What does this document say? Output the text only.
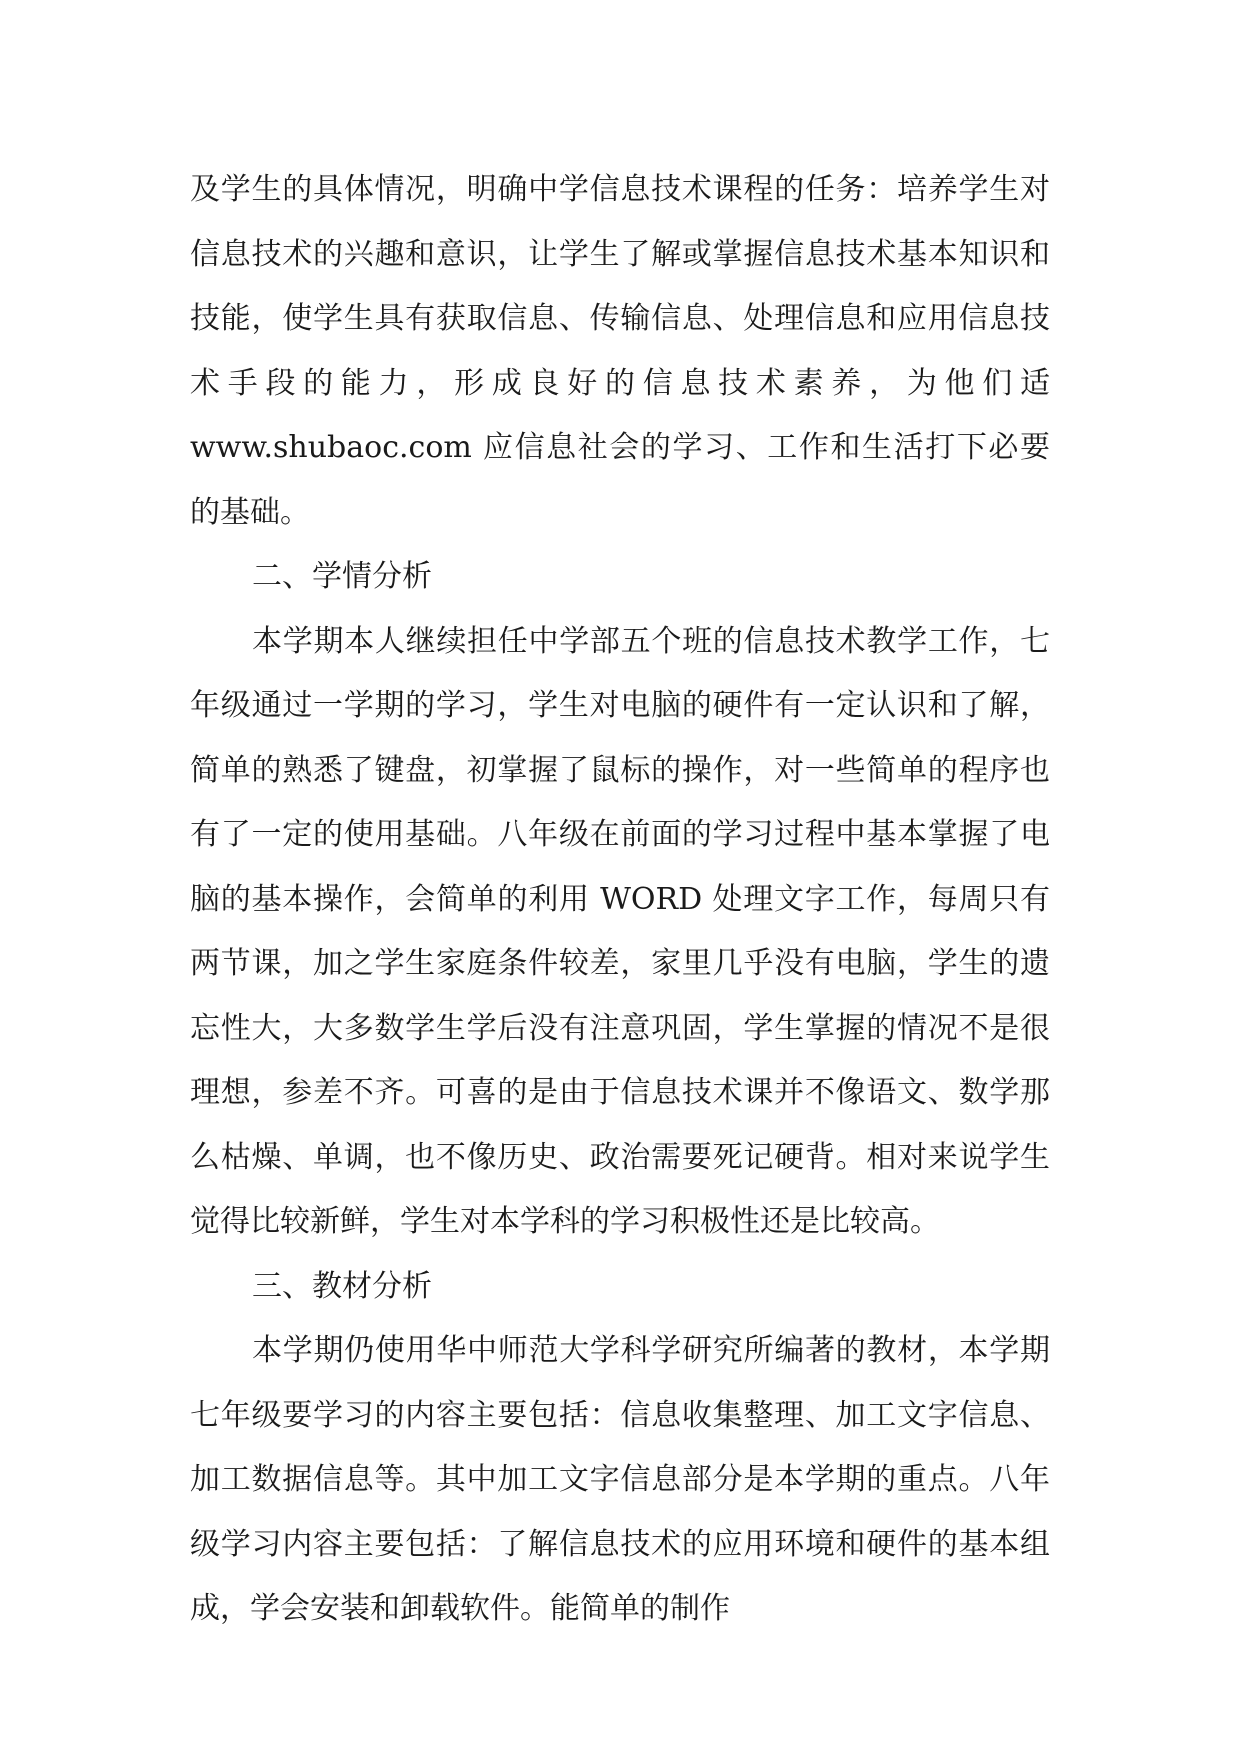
及学生的具体情况，明确中学信息技术课程的任务：培养学生对信息技术的兴趣和意识，让学生了解或掌握信息技术基本知识和技能，使学生具有获取信息、传输信息、处理信息和应用信息技术手段的能力，形成良好的信息技术素养，为他们适 www.shubaoc.com 应信息社会的学习、工作和生活打下必要的基础。

二、学情分析

本学期本人继续担任中学部五个班的信息技术教学工作，七年级通过一学期的学习，学生对电脑的硬件有一定认识和了解，简单的熟悉了键盘，初掌握了鼠标的操作，对一些简单的程序也有了一定的使用基础。八年级在前面的学习过程中基本掌握了电脑的基本操作，会简单的利用 WORD 处理文字工作，每周只有两节课，加之学生家庭条件较差，家里几乎没有电脑，学生的遗忘性大，大多数学生学后没有注意巩固，学生掌握的情况不是很理想，参差不齐。可喜的是由于信息技术课并不像语文、数学那么枯燥、单调，也不像历史、政治需要死记硬背。相对来说学生觉得比较新鲜，学生对本学科的学习积极性还是比较高。

三、教材分析

本学期仍使用华中师范大学科学研究所编著的教材，本学期七年级要学习的内容主要包括：信息收集整理、加工文字信息、加工数据信息等。其中加工文字信息部分是本学期的重点。八年级学习内容主要包括：了解信息技术的应用环境和硬件的基本组成，学会安装和卸载软件。能简单的制作
